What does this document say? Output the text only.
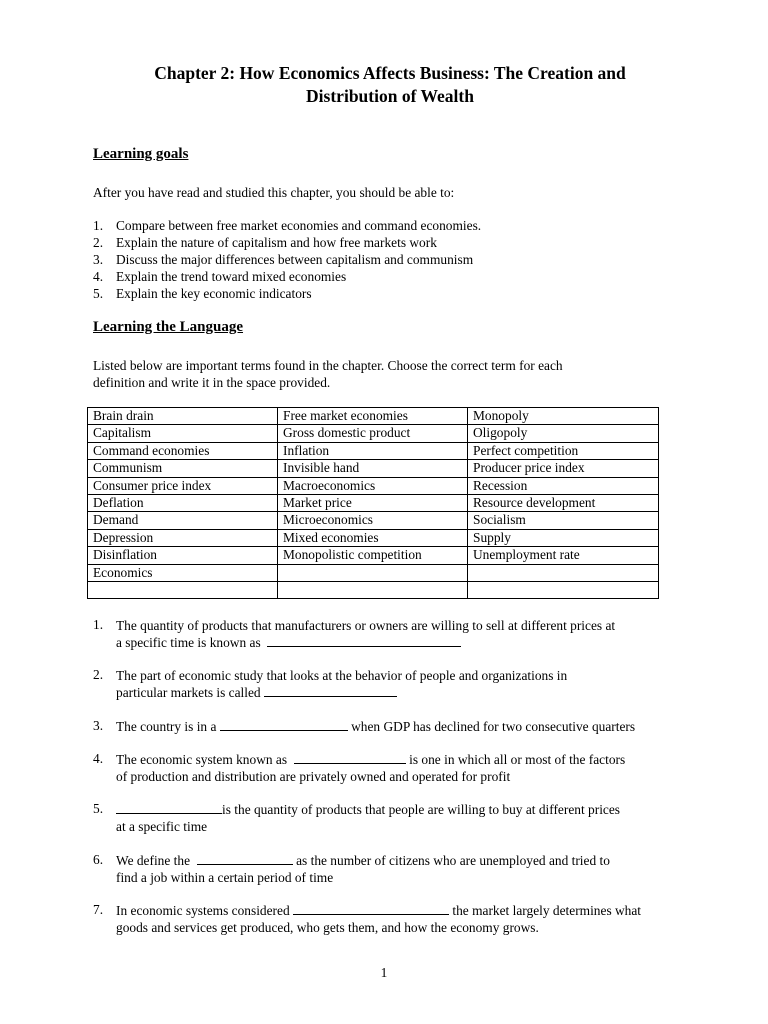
Chapter 2: How Economics Affects Business: The Creation and
Distribution of Wealth
Learning goals
After you have read and studied this chapter, you should be able to:
1. Compare between free market economies and command economies.
2. Explain the nature of capitalism and how free markets work
3. Discuss the major differences between capitalism and communism
4. Explain the trend toward mixed economies
5. Explain the key economic indicators
Learning the Language
Listed below are important terms found in the chapter. Choose the correct term for each
definition and write it in the space provided.
Brain drain	Free market economies	Monopoly
Capitalism	Gross domestic product	Oligopoly
Command economies	Inflation	Perfect competition
Communism	Invisible hand	Producer price index
Consumer price index	Macroeconomics	Recession
Deflation	Market price	Resource development
Demand	Microeconomics	Socialism
Depression	Mixed economies	Supply
Disinflation	Monopolistic competition	Unemployment rate
Economics		

1. The quantity of products that manufacturers or owners are willing to sell at different prices at
a specific time is known as
2. The part of economic study that looks at the behavior of people and organizations in
particular markets is called
3. The country is in a	when GDP has declined for two consecutive quarters
4. The economic system known as	is one in which all or most of the factors
of production and distribution are privately owned and operated for profit
5.	is the quantity of products that people are willing to buy at different prices
at a specific time
6. We define the	as the number of citizens who are unemployed and tried to
find a job within a certain period of time
7. In economic systems considered	the market largely determines what
goods and services get produced, who gets them, and how the economy grows.
1
